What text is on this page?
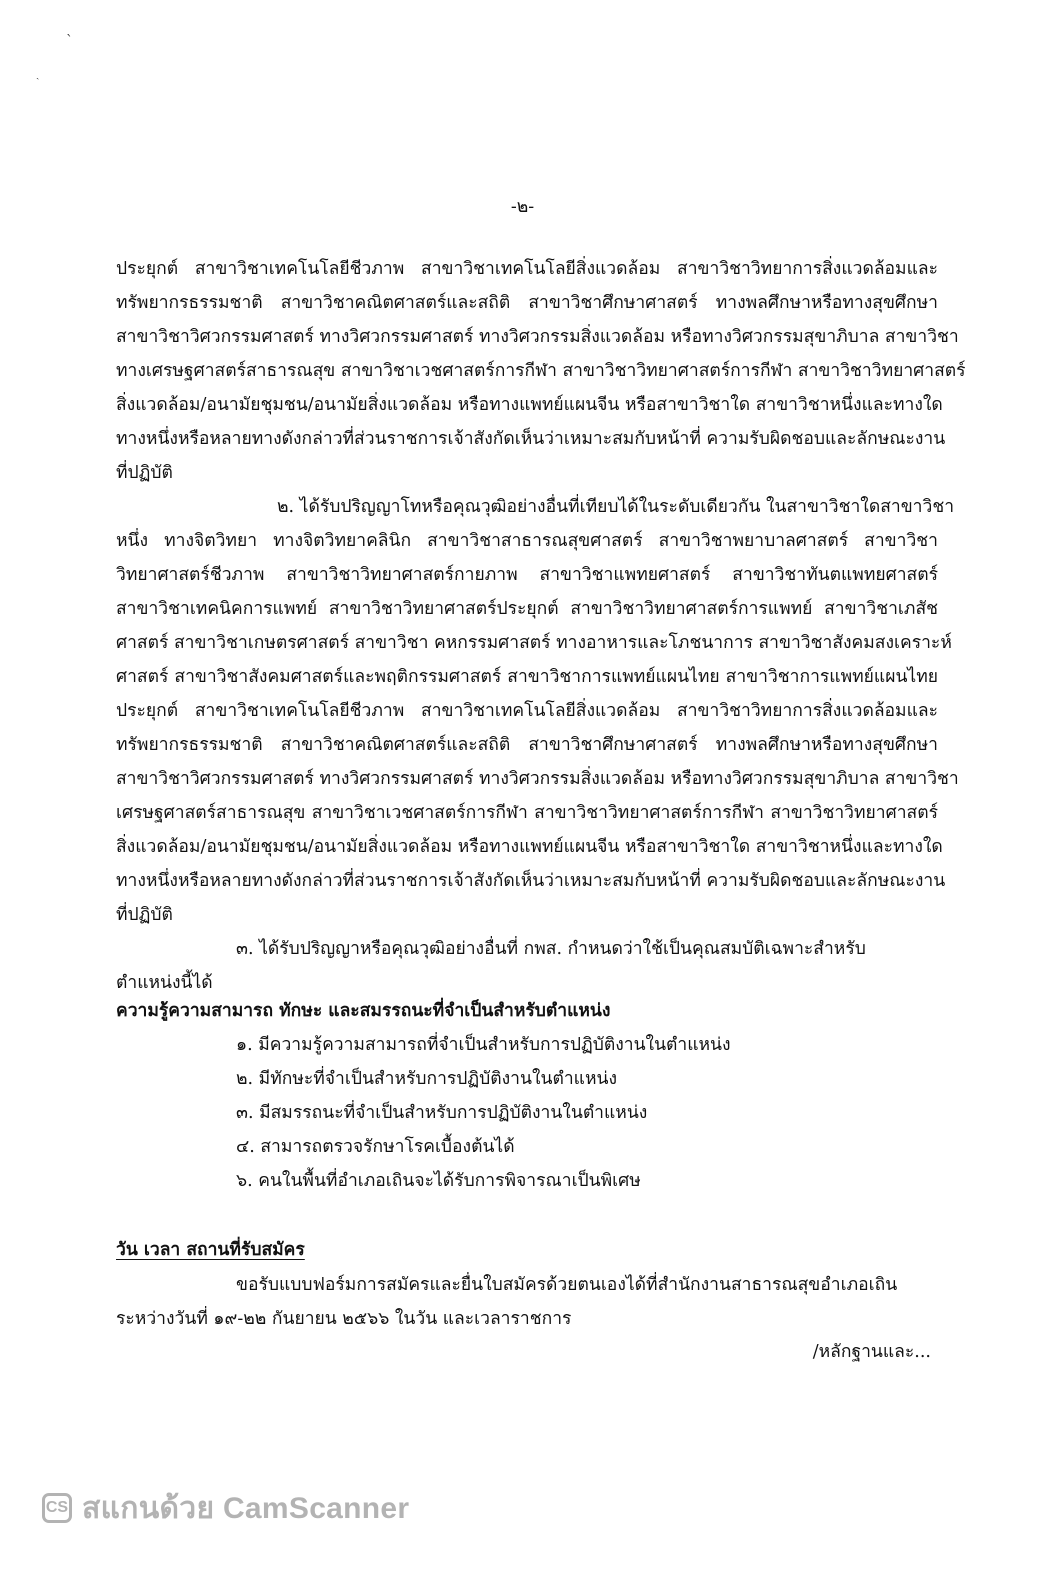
ˋ
ˎ
-๒-
ประยุกต์ สาขาวิชาเทคโนโลยีชีวภาพ สาขาวิชาเทคโนโลยีสิ่งแวดล้อม สาขาวิชาวิทยาการสิ่งแวดล้อมและ
ทรัพยากรธรรมชาติ สาขาวิชาคณิตศาสตร์และสถิติ สาขาวิชาศึกษาศาสตร์ ทางพลศึกษาหรือทางสุขศึกษา
สาขาวิชาวิศวกรรมศาสตร์ ทางวิศวกรรมศาสตร์ ทางวิศวกรรมสิ่งแวดล้อม หรือทางวิศวกรรมสุขาภิบาล สาขาวิชา
ทางเศรษฐศาสตร์สาธารณสุข สาขาวิชาเวชศาสตร์การกีฬา สาขาวิชาวิทยาศาสตร์การกีฬา สาขาวิชาวิทยาศาสตร์
สิ่งแวดล้อม/อนามัยชุมชน/อนามัยสิ่งแวดล้อม หรือทางแพทย์แผนจีน หรือสาขาวิชาใด สาขาวิชาหนึ่งและทางใด
ทางหนึ่งหรือหลายทางดังกล่าวที่ส่วนราชการเจ้าสังกัดเห็นว่าเหมาะสมกับหน้าที่ ความรับผิดชอบและลักษณะงาน
ที่ปฏิบัติ
๒. ได้รับปริญญาโทหรือคุณวุฒิอย่างอื่นที่เทียบได้ในระดับเดียวกัน ในสาขาวิชาใดสาขาวิชา
หนึ่ง ทางจิตวิทยา ทางจิตวิทยาคลินิก สาขาวิชาสาธารณสุขศาสตร์ สาขาวิชาพยาบาลศาสตร์ สาขาวิชา
วิทยาศาสตร์ชีวภาพ สาขาวิชาวิทยาศาสตร์กายภาพ สาขาวิชาแพทยศาสตร์ สาขาวิชาทันตแพทยศาสตร์
สาขาวิชาเทคนิคการแพทย์ สาขาวิชาวิทยาศาสตร์ประยุกต์ สาขาวิชาวิทยาศาสตร์การแพทย์ สาขาวิชาเภสัช
ศาสตร์ สาขาวิชาเกษตรศาสตร์ สาขาวิชา คหกรรมศาสตร์ ทางอาหารและโภชนาการ สาขาวิชาสังคมสงเคราะห์
ศาสตร์ สาขาวิชาสังคมศาสตร์และพฤติกรรมศาสตร์ สาขาวิชาการแพทย์แผนไทย สาขาวิชาการแพทย์แผนไทย
ประยุกต์ สาขาวิชาเทคโนโลยีชีวภาพ สาขาวิชาเทคโนโลยีสิ่งแวดล้อม สาขาวิชาวิทยาการสิ่งแวดล้อมและ
ทรัพยากรธรรมชาติ สาขาวิชาคณิตศาสตร์และสถิติ สาขาวิชาศึกษาศาสตร์ ทางพลศึกษาหรือทางสุขศึกษา
สาขาวิชาวิศวกรรมศาสตร์ ทางวิศวกรรมศาสตร์ ทางวิศวกรรมสิ่งแวดล้อม หรือทางวิศวกรรมสุขาภิบาล สาขาวิชา
เศรษฐศาสตร์สาธารณสุข สาขาวิชาเวชศาสตร์การกีฬา สาขาวิชาวิทยาศาสตร์การกีฬา สาขาวิชาวิทยาศาสตร์
สิ่งแวดล้อม/อนามัยชุมชน/อนามัยสิ่งแวดล้อม หรือทางแพทย์แผนจีน หรือสาขาวิชาใด สาขาวิชาหนึ่งและทางใด
ทางหนึ่งหรือหลายทางดังกล่าวที่ส่วนราชการเจ้าสังกัดเห็นว่าเหมาะสมกับหน้าที่ ความรับผิดชอบและลักษณะงาน
ที่ปฏิบัติ
๓. ได้รับปริญญาหรือคุณวุฒิอย่างอื่นที่ กพส. กำหนดว่าใช้เป็นคุณสมบัติเฉพาะสำหรับ
ตำแหน่งนี้ได้
ความรู้ความสามารถ ทักษะ และสมรรถนะที่จำเป็นสำหรับตำแหน่ง
๑. มีความรู้ความสามารถที่จำเป็นสำหรับการปฏิบัติงานในตำแหน่ง
๒. มีทักษะที่จำเป็นสำหรับการปฏิบัติงานในตำแหน่ง
๓. มีสมรรถนะที่จำเป็นสำหรับการปฏิบัติงานในตำแหน่ง
๔. สามารถตรวจรักษาโรคเบื้องต้นได้
๖. คนในพื้นที่อำเภอเถินจะได้รับการพิจารณาเป็นพิเศษ
วัน เวลา สถานที่รับสมัคร
ขอรับแบบฟอร์มการสมัครและยื่นใบสมัครด้วยตนเองได้ที่สำนักงานสาธารณสุขอำเภอเถิน
ระหว่างวันที่ ๑๙-๒๒ กันยายน ๒๕๖๖ ในวัน และเวลาราชการ
/หลักฐานและ...
CS สแกนด้วย CamScanner
